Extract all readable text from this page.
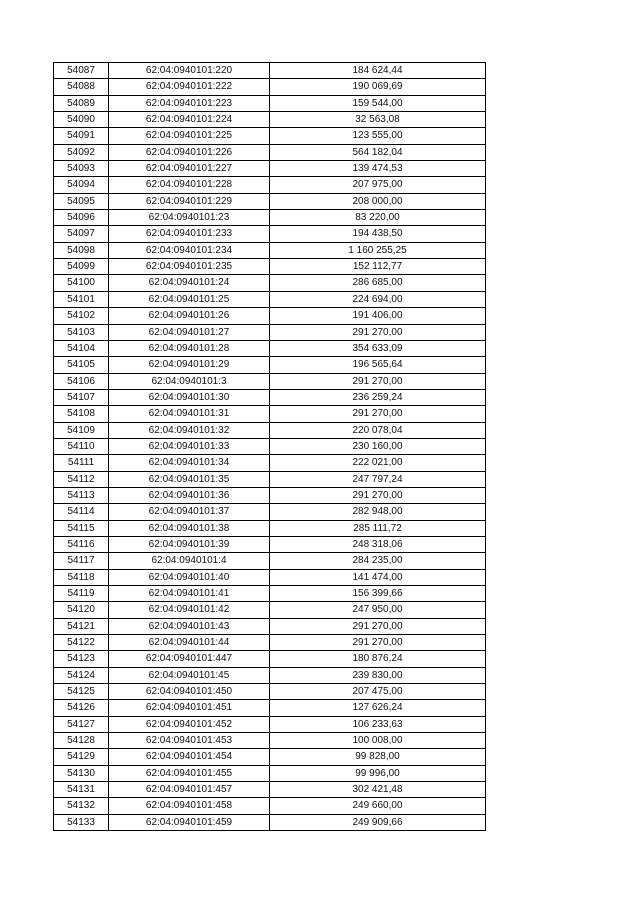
54087	62:04:0940101:220	184 624,44
54088	62:04:0940101:222	190 069,69
54089	62:04:0940101:223	159 544,00
54090	62:04:0940101:224	32 563,08
54091	62:04:0940101:225	123 555,00
54092	62:04:0940101:226	564 182,04
54093	62:04:0940101:227	139 474,53
54094	62:04:0940101:228	207 975,00
54095	62:04:0940101:229	208 000,00
54096	62:04:0940101:23	83 220,00
54097	62:04:0940101:233	194 438,50
54098	62:04:0940101:234	1 160 255,25
54099	62:04:0940101:235	152 112,77
54100	62:04:0940101:24	286 685,00
54101	62:04:0940101:25	224 694,00
54102	62:04:0940101:26	191 406,00
54103	62:04:0940101:27	291 270,00
54104	62:04:0940101:28	354 633,09
54105	62:04:0940101:29	196 565,64
54106	62:04:0940101:3	291 270,00
54107	62:04:0940101:30	236 259,24
54108	62:04:0940101:31	291 270,00
54109	62:04:0940101:32	220 078,04
54110	62:04:0940101:33	230 160,00
54111	62:04:0940101:34	222 021,00
54112	62:04:0940101:35	247 797,24
54113	62:04:0940101:36	291 270,00
54114	62:04:0940101:37	282 948,00
54115	62:04:0940101:38	285 111,72
54116	62:04:0940101:39	248 318,06
54117	62:04:0940101:4	284 235,00
54118	62:04:0940101:40	141 474,00
54119	62:04:0940101:41	156 399,66
54120	62:04:0940101:42	247 950,00
54121	62:04:0940101:43	291 270,00
54122	62:04:0940101:44	291 270,00
54123	62:04:0940101:447	180 876,24
54124	62:04:0940101:45	239 830,00
54125	62:04:0940101:450	207 475,00
54126	62:04:0940101:451	127 626,24
54127	62:04:0940101:452	106 233,63
54128	62:04:0940101:453	100 008,00
54129	62:04:0940101:454	99 828,00
54130	62:04:0940101:455	99 996,00
54131	62:04:0940101:457	302 421,48
54132	62:04:0940101:458	249 660,00
54133	62:04:0940101:459	249 909,66
